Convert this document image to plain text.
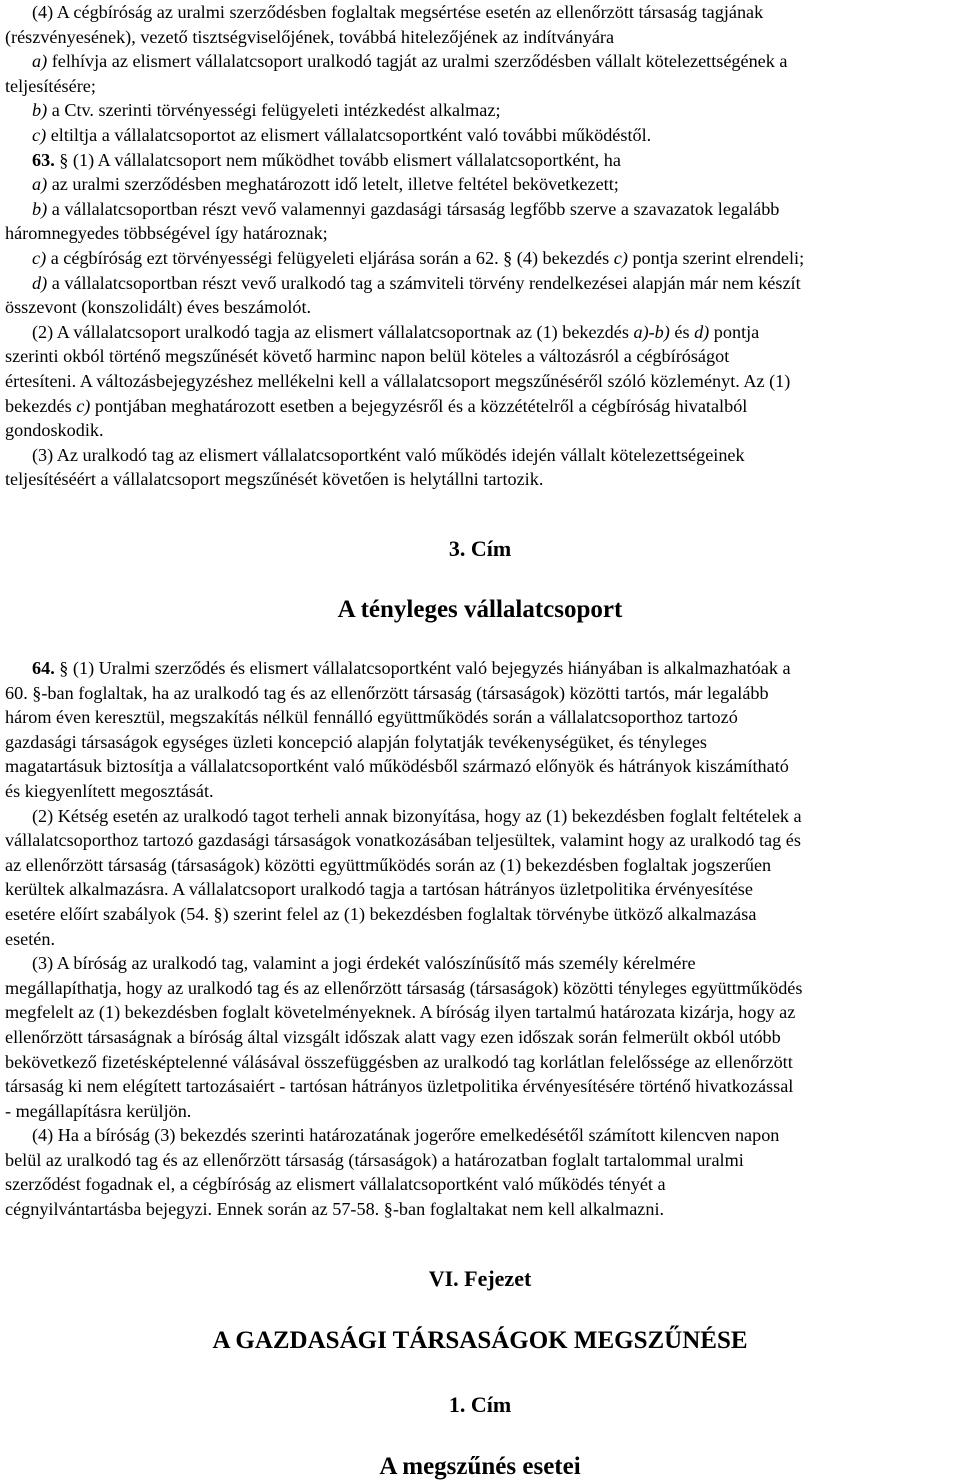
(4) A cégbíróság az uralmi szerződésben foglaltak megsértése esetén az ellenőrzött társaság tagjának
(részvényesének), vezető tisztségviselőjének, továbbá hitelezőjének az indítványára
a) felhívja az elismert vállalatcsoport uralkodó tagját az uralmi szerződésben vállalt kötelezettségének a
teljesítésére;
b) a Ctv. szerinti törvényességi felügyeleti intézkedést alkalmaz;
c) eltiltja a vállalatcsoportot az elismert vállalatcsoportként való további működéstől.
63. § (1) A vállalatcsoport nem működhet tovább elismert vállalatcsoportként, ha
a) az uralmi szerződésben meghatározott idő letelt, illetve feltétel bekövetkezett;
b) a vállalatcsoportban részt vevő valamennyi gazdasági társaság legfőbb szerve a szavazatok legalább
háromnegyedes többségével így határoznak;
c) a cégbíróság ezt törvényességi felügyeleti eljárása során a 62. § (4) bekezdés c) pontja szerint elrendeli;
d) a vállalatcsoportban részt vevő uralkodó tag a számviteli törvény rendelkezései alapján már nem készít
összevont (konszolidált) éves beszámolót.
(2) A vállalatcsoport uralkodó tagja az elismert vállalatcsoportnak az (1) bekezdés a)-b) és d) pontja
szerinti okból történő megszűnését követő harminc napon belül köteles a változásról a cégbíróságot
értesíteni. A változásbejegyzéshez mellékelni kell a vállalatcsoport megszűnéséről szóló közleményt. Az (1)
bekezdés c) pontjában meghatározott esetben a bejegyzésről és a közzétételről a cégbíróság hivatalból
gondoskodik.
(3) Az uralkodó tag az elismert vállalatcsoportként való működés idején vállalt kötelezettségeinek
teljesítéséért a vállalatcsoport megszűnését követően is helytállni tartozik.
3. Cím
A tényleges vállalatcsoport
64. § (1) Uralmi szerződés és elismert vállalatcsoportként való bejegyzés hiányában is alkalmazhatóak a
60. §-ban foglaltak, ha az uralkodó tag és az ellenőrzött társaság (társaságok) közötti tartós, már legalább
három éven keresztül, megszakítás nélkül fennálló együttműködés során a vállalatcsoporthoz tartozó
gazdasági társaságok egységes üzleti koncepció alapján folytatják tevékenységüket, és tényleges
magatartásuk biztosítja a vállalatcsoportként való működésből származó előnyök és hátrányok kiszámítható
és kiegyenlített megosztását.
(2) Kétség esetén az uralkodó tagot terheli annak bizonyítása, hogy az (1) bekezdésben foglalt feltételek a
vállalatcsoporthoz tartozó gazdasági társaságok vonatkozásában teljesültek, valamint hogy az uralkodó tag és
az ellenőrzött társaság (társaságok) közötti együttműködés során az (1) bekezdésben foglaltak jogszerűen
kerültek alkalmazásra. A vállalatcsoport uralkodó tagja a tartósan hátrányos üzletpolitika érvényesítése
esetére előírt szabályok (54. §) szerint felel az (1) bekezdésben foglaltak törvénybe ütköző alkalmazása
esetén.
(3) A bíróság az uralkodó tag, valamint a jogi érdekét valószínűsítő más személy kérelmére
megállapíthatja, hogy az uralkodó tag és az ellenőrzött társaság (társaságok) közötti tényleges együttműködés
megfelelt az (1) bekezdésben foglalt követelményeknek. A bíróság ilyen tartalmú határozata kizárja, hogy az
ellenőrzött társaságnak a bíróság által vizsgált időszak alatt vagy ezen időszak során felmerült okból utóbb
bekövetkező fizetésképtelenné válásával összefüggésben az uralkodó tag korlátlan felelőssége az ellenőrzött
társaság ki nem elégített tartozásaiért - tartósan hátrányos üzletpolitika érvényesítésére történő hivatkozással
- megállapításra kerüljön.
(4) Ha a bíróság (3) bekezdés szerinti határozatának jogerőre emelkedésétől számított kilencven napon
belül az uralkodó tag és az ellenőrzött társaság (társaságok) a határozatban foglalt tartalommal uralmi
szerződést fogadnak el, a cégbíróság az elismert vállalatcsoportként való működés tényét a
cégnyilvántartásba bejegyzi. Ennek során az 57-58. §-ban foglaltakat nem kell alkalmazni.
VI. Fejezet
A GAZDASÁGI TÁRSASÁGOK MEGSZŰNÉSE
1. Cím
A megszűnés esetei
